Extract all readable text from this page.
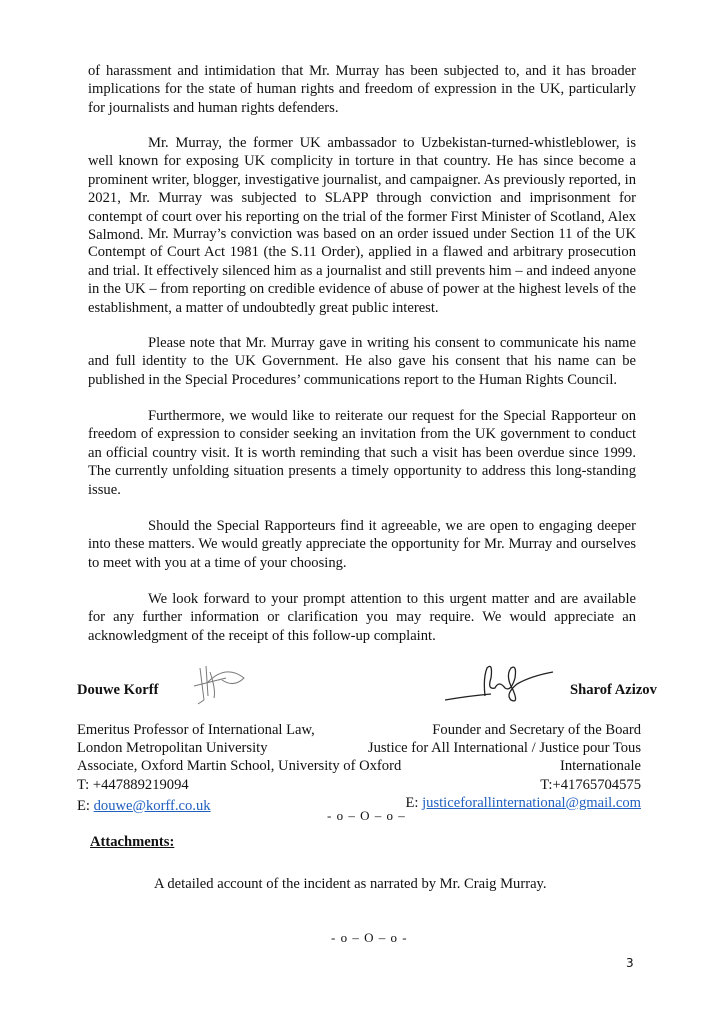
of harassment and intimidation that Mr. Murray has been subjected to, and it has broader implications for the state of human rights and freedom of expression in the UK, particularly for journalists and human rights defenders.

Mr. Murray, the former UK ambassador to Uzbekistan-turned-whistleblower, is well known for exposing UK complicity in torture in that country. He has since become a prominent writer, blogger, investigative journalist, and campaigner. As previously reported, in 2021, Mr. Murray was subjected to SLAPP through conviction and imprisonment for contempt of court over his reporting on the trial of the former First Minister of Scotland, Alex Salmond. Mr. Murray’s conviction was based on an order issued under Section 11 of the UK Contempt of Court Act 1981 (the S.11 Order), applied in a flawed and arbitrary prosecution and trial. It effectively silenced him as a journalist and still prevents him – and indeed anyone in the UK – from reporting on credible evidence of abuse of power at the highest levels of the establishment, a matter of undoubtedly great public interest.

Please note that Mr. Murray gave in writing his consent to communicate his name and full identity to the UK Government. He also gave his consent that his name can be published in the Special Procedures’ communications report to the Human Rights Council.

Furthermore, we would like to reiterate our request for the Special Rapporteur on freedom of expression to consider seeking an invitation from the UK government to conduct an official country visit. It is worth reminding that such a visit has been overdue since 1999. The currently unfolding situation presents a timely opportunity to address this long-standing issue.

Should the Special Rapporteurs find it agreeable, we are open to engaging deeper into these matters. We would greatly appreciate the opportunity for Mr. Murray and ourselves to meet with you at a time of your choosing.

We look forward to your prompt attention to this urgent matter and are available for any further information or clarification you may require. We would appreciate an acknowledgment of the receipt of this follow-up complaint.

Douwe Korff
Emeritus Professor of International Law,
London Metropolitan University
Associate, Oxford Martin School, University of Oxford
T: +447889219094
E: douwe@korff.co.uk
Sharof Azizov
Founder and Secretary of the Board
Justice for All International / Justice pour Tous
Internationale
T:+41765704575
E: justiceforallinternational@gmail.com
- o – O – o –
Attachments:
A detailed account of the incident as narrated by Mr. Craig Murray.
- o – O – o -
3
